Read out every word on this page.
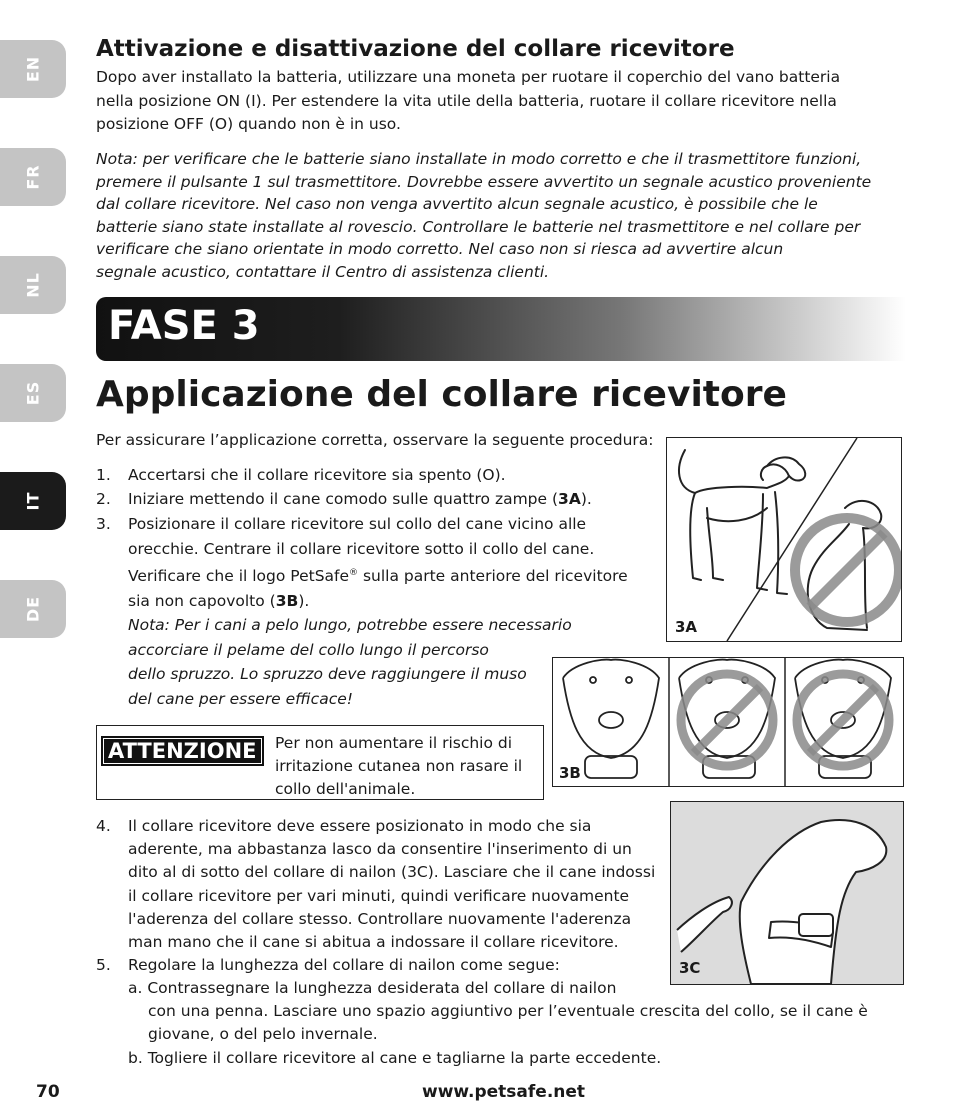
EN
FR
NL
ES
IT
DE
Attivazione e disattivazione del collare ricevitore
Dopo aver installato la batteria, utilizzare una moneta per ruotare il coperchio del vano batteria
nella posizione ON (I). Per estendere la vita utile della batteria, ruotare il collare ricevitore nella
posizione OFF (O) quando non è in uso.
Nota: per verificare che le batterie siano installate in modo corretto e che il trasmettitore funzioni,
premere il pulsante 1 sul trasmettitore. Dovrebbe essere avvertito un segnale acustico proveniente
dal collare ricevitore. Nel caso non venga avvertito alcun segnale acustico, è possibile che le
batterie siano state installate al rovescio. Controllare le batterie nel trasmettitore e nel collare per
verificare che siano orientate in modo corretto. Nel caso non si riesca ad avvertire alcun
segnale acustico, contattare il Centro di assistenza clienti.
FASE 3
Applicazione del collare ricevitore
Per assicurare l’applicazione corretta, osservare la seguente procedura:
1. Accertarsi che il collare ricevitore sia spento (O).
2. Iniziare mettendo il cane comodo sulle quattro zampe (3A).
3. Posizionare il collare ricevitore sul collo del cane vicino alle
orecchie. Centrare il collare ricevitore sotto il collo del cane.
Verificare che il logo PetSafe® sulla parte anteriore del ricevitore
sia non capovolto (3B).
Nota: Per i cani a pelo lungo, potrebbe essere necessario
accorciare il pelame del collo lungo il percorso
dello spruzzo. Lo spruzzo deve raggiungere il muso
del cane per essere efficace!
ATTENZIONE	Per non aumentare il rischio di irritazione cutanea non rasare il collo dell'animale.
3A
3B
4. Il collare ricevitore deve essere posizionato in modo che sia
aderente, ma abbastanza lasco da consentire l'inserimento di un
dito al di sotto del collare di nailon (3C). Lasciare che il cane indossi
il collare ricevitore per vari minuti, quindi verificare nuovamente
l'aderenza del collare stesso. Controllare nuovamente l'aderenza
man mano che il cane si abitua a indossare il collare ricevitore.
3C
5. Regolare la lunghezza del collare di nailon come segue:
a. Contrassegnare la lunghezza desiderata del collare di nailon
con una penna. Lasciare uno spazio aggiuntivo per l’eventuale crescita del collo, se il cane è
giovane, o del pelo invernale.
b. Togliere il collare ricevitore al cane e tagliarne la parte eccedente.
70	www.petsafe.net
